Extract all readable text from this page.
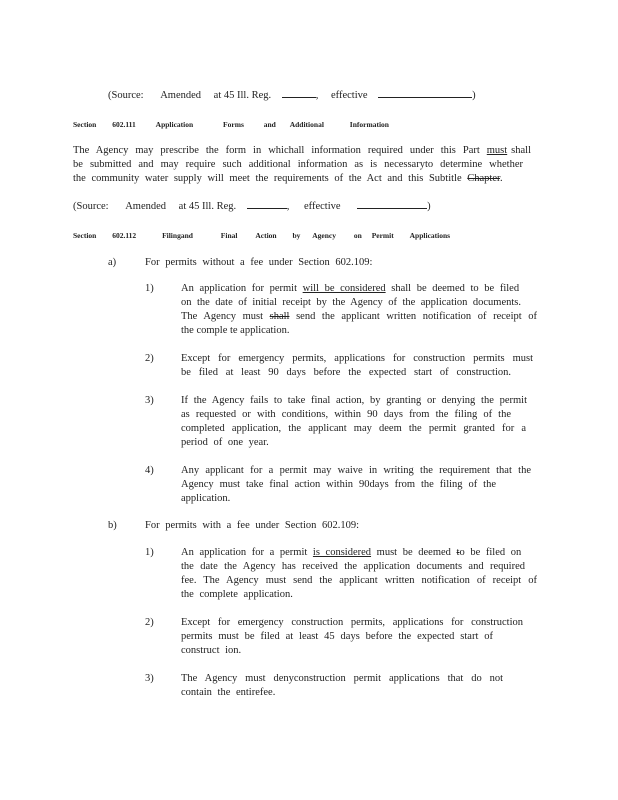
(Source: Amended at 45 Ill. Reg.	, effective	)
Section 602.111	Application	Forms	and Additional	Information
The Agency may prescribe the form in whichall information required under this Part must shall
be submitted and may require such additional information as is necessaryto determine whether
the community water supply will meet the requirements of the Act and this Subtitle Chapter.
(Source: Amended at 45 Ill. Reg.	, effective	)
Section 602.112	Filingand	Final Action by Agency on Permit Applications
a)	For permits without a fee under Section 602.109:
1)	An application for permit will be considered shall be deemed to be filed
on the date of initial receipt by the Agency of the application documents.
The Agency must shall send the applicant written notification of receipt of
the comple te application.
2)	Except for emergency permits, applications for construction permits must
be filed at least 90 days before the expected start of construction.
3)	If the Agency fails to take final action, by granting or denying the permit
as requested or with conditions, within 90 days from the filing of the
completed application, the applicant may deem the permit granted for a
period of one year.
4)	Any applicant for a permit may waive in writing the requirement that the
Agency must take final action within 90days from the filing of the
application.
b)	For permits with a fee under Section 602.109:
1)	An application for a permit is considered must be deemed to be filed on
the date the Agency has received the application documents and required
fee. The Agency must send the applicant written notification of receipt of
the complete application.
2)	Except for emergency construction permits, applications for construction
permits must be filed at least 45 days before the expected start of
construct ion.
3)	The Agency must denyconstruction permit applications that do not
contain the entirefee.
